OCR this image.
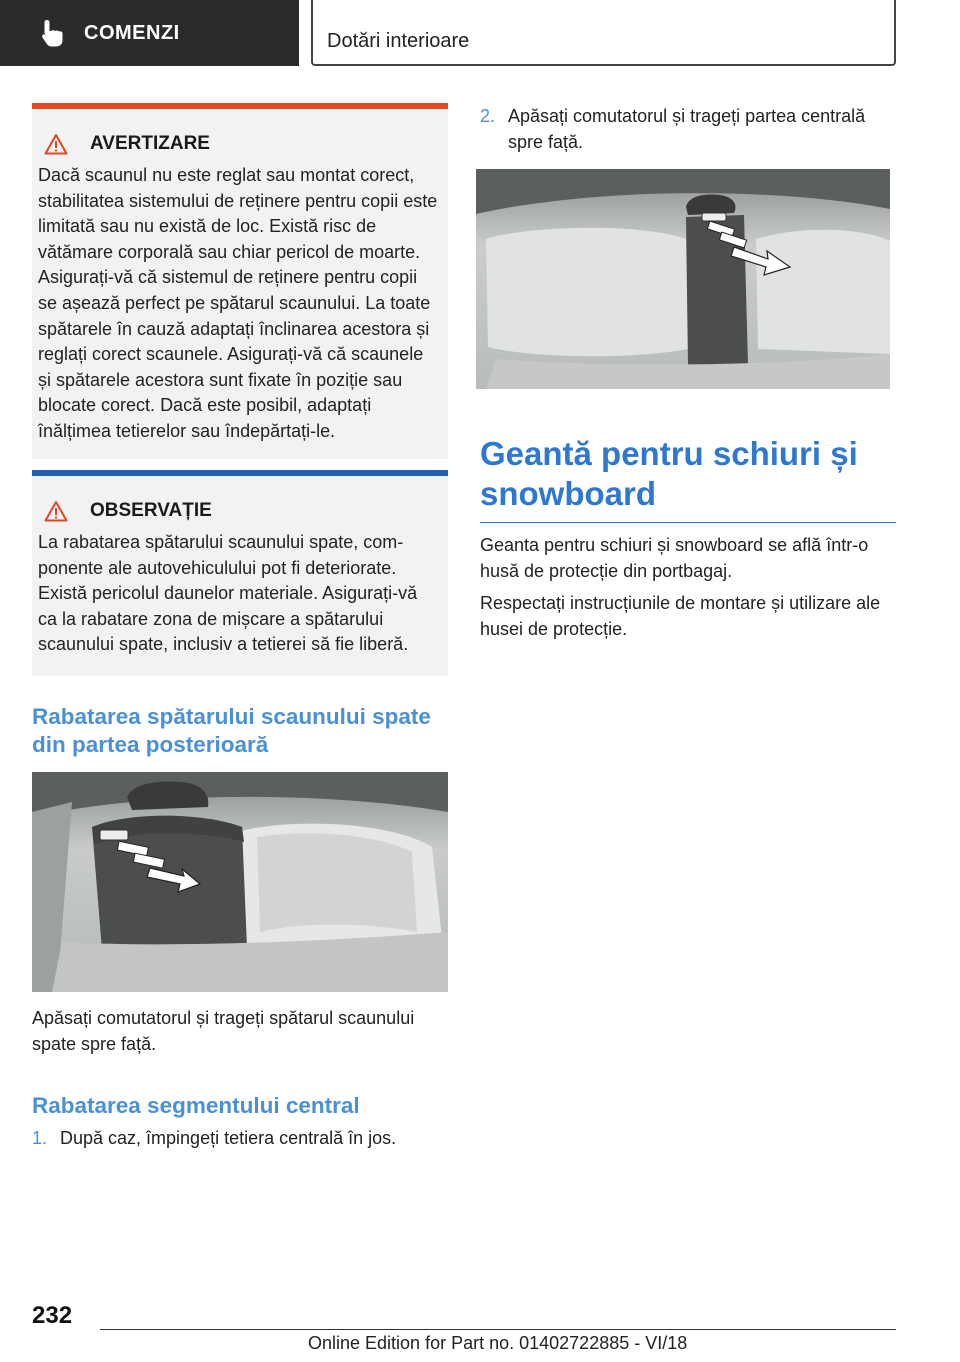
COMENZI	Dotări interioare
AVERTIZARE
Dacă scaunul nu este reglat sau montat corect, stabilitatea sistemului de reținere pentru copii este limitată sau nu există de loc. Există risc de vătămare corporală sau chiar pericol de moarte. Asigurați-vă că sistemul de reținere pentru copii se așează perfect pe spătarul scaunului. La toate spătarele în cauză adaptați înclinarea acestora și reglați corect scaunele. Asigurați-vă că scaunele și spătarele acestora sunt fixate în poziție sau blocate corect. Dacă este posibil, adaptați înălțimea tetierelor sau îndepărtați-le.
OBSERVAȚIE
La rabatarea spătarului scaunului spate, componente ale autovehiculului pot fi deteriorate. Există pericolul daunelor materiale. Asigurați-vă ca la rabatare zona de mișcare a spătarului scaunului spate, inclusiv a tetierei să fie liberă.
Rabatarea spătarului scaunului spate din partea posterioară
Apăsați comutatorul și trageți spătarul scaunului spate spre față.
Rabatarea segmentului central
1. După caz, împingeți tetiera centrală în jos.
2. Apăsați comutatorul și trageți partea centrală spre față.
Geantă pentru schiuri și snowboard
Geanta pentru schiuri și snowboard se află într-o husă de protecție din portbagaj.
Respectați instrucțiunile de montare și utilizare ale husei de protecție.
232
Online Edition for Part no. 01402722885 - VI/18
